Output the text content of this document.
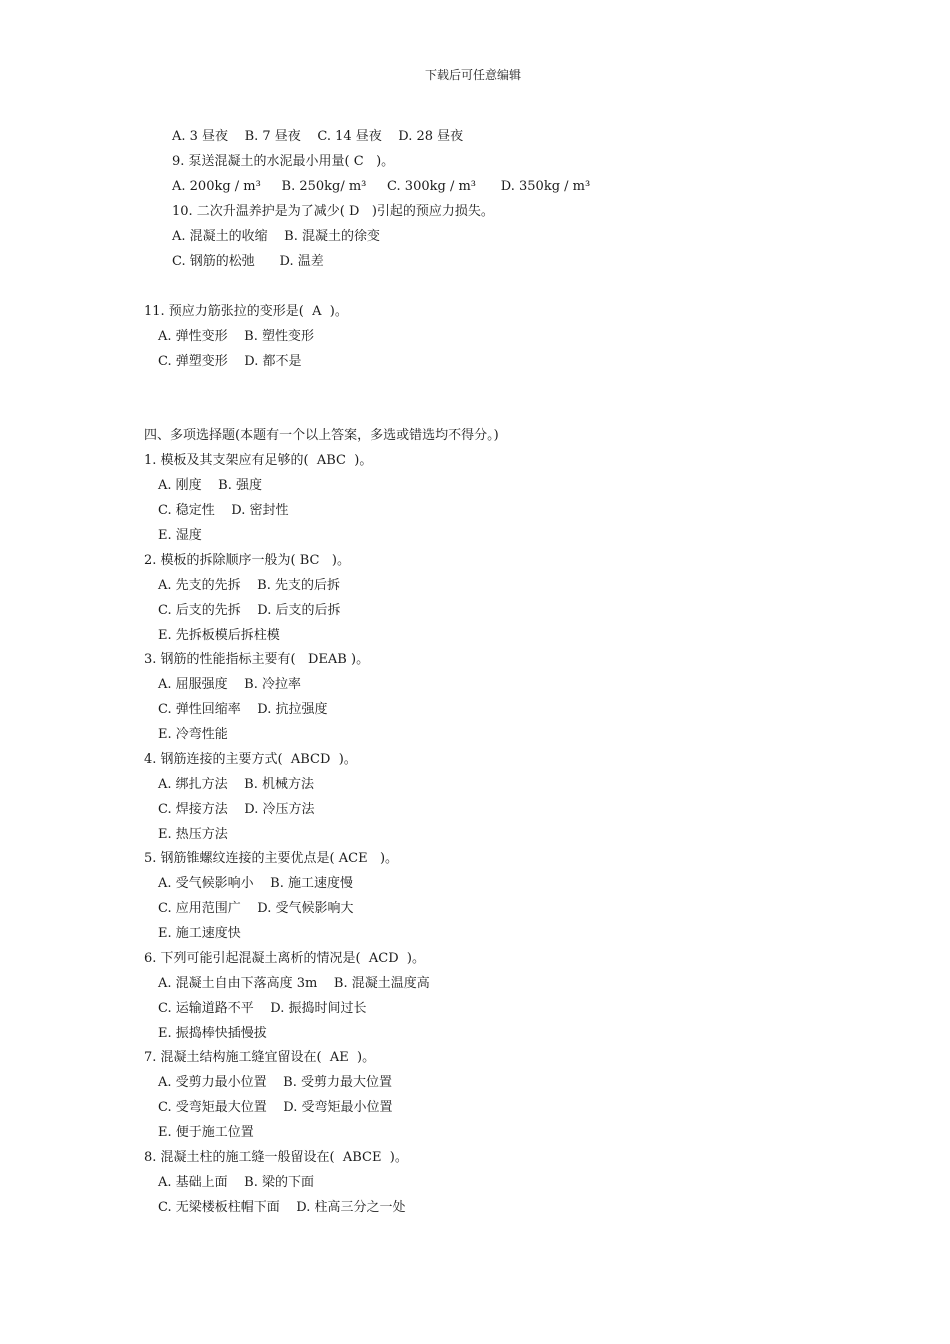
下载后可任意编辑
A. 3 昼夜    B. 7 昼夜    C. 14 昼夜    D. 28 昼夜
9. 泵送混凝土的水泥最小用量( C   )。
A. 200kg / m³     B. 250kg/ m³     C. 300kg / m³      D. 350kg / m³
10. 二次升温养护是为了减少( D   )引起的预应力损失。
A. 混凝土的收缩    B. 混凝土的徐变
C. 钢筋的松弛      D. 温差
11. 预应力筋张拉的变形是(  A  )。
A. 弹性变形    B. 塑性变形
C. 弹塑变形    D. 都不是
四、多项选择题(本题有一个以上答案，多选或错选均不得分。)
1. 模板及其支架应有足够的(  ABC  )。
A. 刚度    B. 强度
C. 稳定性    D. 密封性
E. 湿度
2. 模板的拆除顺序一般为( BC   )。
A. 先支的先拆    B. 先支的后拆
C. 后支的先拆    D. 后支的后拆
E. 先拆板模后拆柱模
3. 钢筋的性能指标主要有(   DEAB )。
A. 屈服强度    B. 冷拉率
C. 弹性回缩率    D. 抗拉强度
E. 冷弯性能
4. 钢筋连接的主要方式(  ABCD  )。
A. 绑扎方法    B. 机械方法
C. 焊接方法    D. 冷压方法
E. 热压方法
5. 钢筋锥螺纹连接的主要优点是( ACE   )。
A. 受气候影响小    B. 施工速度慢
C. 应用范围广    D. 受气候影响大
E. 施工速度快
6. 下列可能引起混凝土离析的情况是(  ACD  )。
A. 混凝土自由下落高度 3m    B. 混凝土温度高
C. 运输道路不平    D. 振捣时间过长
E. 振捣棒快插慢拔
7. 混凝土结构施工缝宜留设在(  AE  )。
A. 受剪力最小位置    B. 受剪力最大位置
C. 受弯矩最大位置    D. 受弯矩最小位置
E. 便于施工位置
8. 混凝土柱的施工缝一般留设在(  ABCE  )。
A. 基础上面    B. 梁的下面
C. 无梁楼板柱帽下面    D. 柱高三分之一处
